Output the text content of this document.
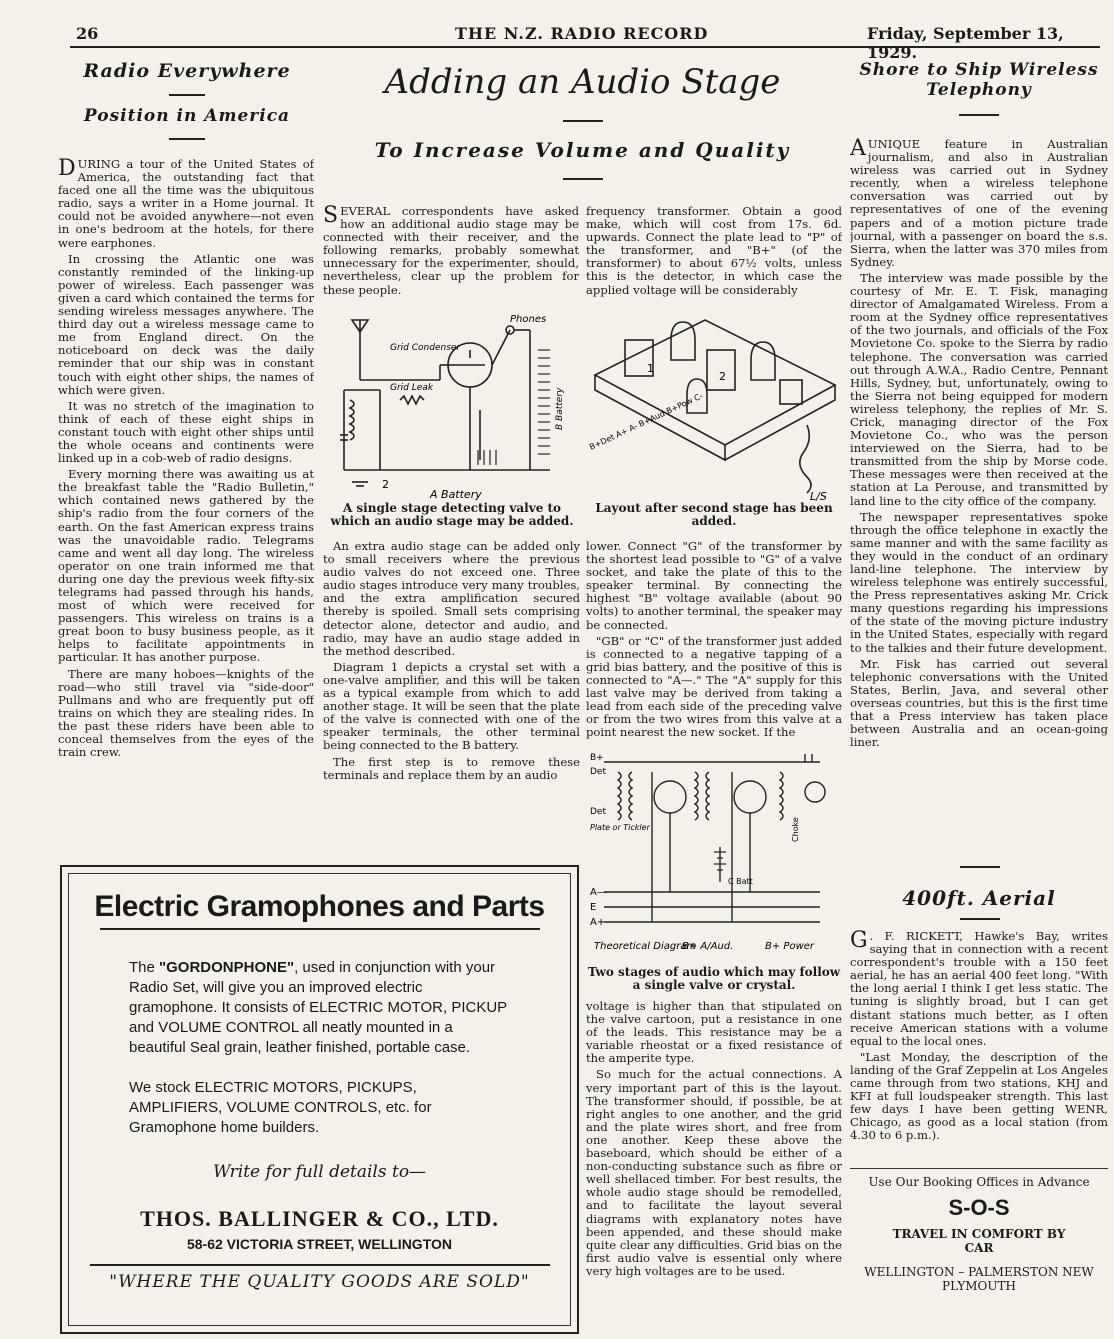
26	THE N.Z. RADIO RECORD	Friday, September 13, 1929.
Radio Everywhere
Position in America

DURING a tour of the United States of America, the outstanding fact that faced one all the time was the ubiquitous radio, says a writer in a Home journal. It could not be avoided anywhere—not even in one's bedroom at the hotels, for there were earphones.

In crossing the Atlantic one was constantly reminded of the linking-up power of wireless. Each passenger was given a card which contained the terms for sending wireless messages anywhere. The third day out a wireless message came to me from England direct. On the noticeboard on deck was the daily reminder that our ship was in constant touch with eight other ships, the names of which were given.

It was no stretch of the imagination to think of each of these eight ships in constant touch with eight other ships until the whole oceans and continents were linked up in a cob-web of radio designs.

Every morning there was awaiting us at the breakfast table the "Radio Bulletin," which contained news gathered by the ship's radio from the four corners of the earth. On the fast American express trains was the unavoidable radio. Telegrams came and went all day long. The wireless operator on one train informed me that during one day the previous week fifty-six telegrams had passed through his hands, most of which were received for passengers. This wireless on trains is a great boon to busy business people, as it helps to facilitate appointments in particular. It has another purpose.

There are many hoboes—knights of the road—who still travel via "side-door" Pullmans and who are frequently put off trains on which they are stealing rides. In the past these riders have been able to conceal themselves from the eyes of the train crew.

Adding an Audio Stage
To Increase Volume and Quality

SEVERAL correspondents have asked how an additional audio stage may be connected with their receiver, and the following remarks, probably somewhat unnecessary for the experimenter, should, nevertheless, clear up the problem for these people.

frequency transformer. Obtain a good make, which will cost from 17s. 6d. upwards. Connect the plate lead to "P" of the transformer, and "B+" (of the transformer) to about 67½ volts, unless this is the detector, in which case the applied voltage will be considerably

Phones
Grid Condenser
Grid Leak	B Battery
A Battery
2
1
2
B+Det A+ A- B+Aud B+Pow C-
L/S
A single stage detecting valve to which an audio stage may be added.
Layout after second stage has been added.

An extra audio stage can be added only to small receivers where the previous audio valves do not exceed one. Three audio stages introduce very many troubles, and the extra amplification secured thereby is spoiled. Small sets comprising detector alone, detector and audio, and radio, may have an audio stage added in the method described.

Diagram 1 depicts a crystal set with a one-valve amplifier, and this will be taken as a typical example from which to add another stage. It will be seen that the plate of the valve is connected with one of the speaker terminals, the other terminal being connected to the B battery.

The first step is to remove these terminals and replace them by an audio

lower. Connect "G" of the transformer by the shortest lead possible to "G" of a valve socket, and take the plate of this to the speaker terminal. By connecting the highest "B" voltage available (about 90 volts) to another terminal, the speaker may be connected.

"GB" or "C" of the transformer just added is connected to a negative tapping of a grid bias battery, and the positive of this is connected to "A—." The "A" supply for this last valve may be derived from taking a lead from each side of the preceding valve or from the two wires from this valve at a point nearest the new socket. If the

B+
Det
Det
Plate or Tickler
A—
E
A+
C Batt
Choke
Theoretical Diagram
B+ A/Aud.	B+ Power
Two stages of audio which may follow a single valve or crystal.

voltage is higher than that stipulated on the valve cartoon, put a resistance in one of the leads. This resistance may be a variable rheostat or a fixed resistance of the amperite type.

So much for the actual connections. A very important part of this is the layout. The transformer should, if possible, be at right angles to one another, and the grid and the plate wires short, and free from one another. Keep these above the baseboard, which should be either of a non-conducting substance such as fibre or well shellaced timber. For best results, the whole audio stage should be remodelled, and to facilitate the layout several diagrams with explanatory notes have been appended, and these should make quite clear any difficulties. Grid bias on the first audio valve is essential only where very high voltages are to be used.

Shore to Ship Wireless
Telephony

AUNIQUE feature in Australian journalism, and also in Australian wireless was carried out in Sydney recently, when a wireless telephone conversation was carried out by representatives of one of the evening papers and of a motion picture trade journal, with a passenger on board the s.s. Sierra, when the latter was 370 miles from Sydney.

The interview was made possible by the courtesy of Mr. E. T. Fisk, managing director of Amalgamated Wireless. From a room at the Sydney office representatives of the two journals, and officials of the Fox Movietone Co. spoke to the Sierra by radio telephone. The conversation was carried out through A.W.A., Radio Centre, Pennant Hills, Sydney, but, unfortunately, owing to the Sierra not being equipped for modern wireless telephony, the replies of Mr. S. Crick, managing director of the Fox Movietone Co., who was the person interviewed on the Sierra, had to be transmitted from the ship by Morse code. These messages were then received at the station at La Perouse, and transmitted by land line to the city office of the company.

The newspaper representatives spoke through the office telephone in exactly the same manner and with the same facility as they would in the conduct of an ordinary land-line telephone. The interview by wireless telephone was entirely successful, the Press representatives asking Mr. Crick many questions regarding his impressions of the state of the moving picture industry in the United States, especially with regard to the talkies and their future development.

Mr. Fisk has carried out several telephonic conversations with the United States, Berlin, Java, and several other overseas countries, but this is the first time that a Press interview has taken place between Australia and an ocean-going liner.

400ft. Aerial

G . F. RICKETT, Hawke's Bay, writes saying that in connection with a recent correspondent's trouble with a 150 feet aerial, he has an aerial 400 feet long. "With the long aerial I think I get less static. The tuning is slightly broad, but I can get distant stations much better, as I often receive American stations with a volume equal to the local ones.

"Last Monday, the description of the landing of the Graf Zeppelin at Los Angeles came through from two stations, KHJ and KFI at full loudspeaker strength. This last few days I have been getting WENR, Chicago, as good as a local station (from 4.30 to 6 p.m.).

Use Our Booking Offices in Advance
S-O-S
TRAVEL IN COMFORT BY CAR
WELLINGTON – PALMERSTON NEW PLYMOUTH
Electric Gramophones and Parts
The "GORDONPHONE", used in conjunction with your Radio Set, will give you an improved electric gramophone. It consists of ELECTRIC MOTOR, PICKUP and VOLUME CONTROL all neatly mounted in a beautiful Seal grain, leather finished, portable case.
We stock ELECTRIC MOTORS, PICKUPS, AMPLIFIERS, VOLUME CONTROLS, etc. for Gramophone home builders.
Write for full details to—
THOS. BALLINGER & CO., LTD.
58-62 VICTORIA STREET, WELLINGTON
"WHERE THE QUALITY GOODS ARE SOLD"
